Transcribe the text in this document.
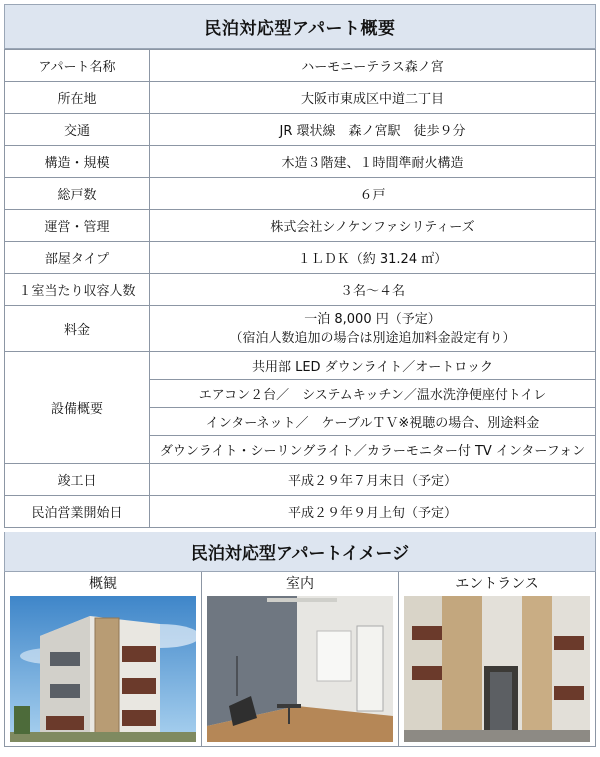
民泊対応型アパート概要
アパート名称	ハーモニーテラス森ノ宮
所在地	大阪市東成区中道二丁目
交通	JR 環状線　森ノ宮駅　徒歩９分
構造・規模	木造３階建、１時間準耐火構造
総戸数	６戸
運営・管理	株式会社シノケンファシリティーズ
部屋タイプ	１ＬＤＫ（約 31.24 ㎡）
１室当たり収容人数	３名～４名
料金	一泊 8,000 円（予定）
（宿泊人数追加の場合は別途追加料金設定有り）

設備概要	共用部 LED ダウンライト／オートロック
	エアコン２台／　システムキッチン／温水洗浄便座付トイレ
	インターネット／　ケーブルＴＶ※視聴の場合、別途料金
	ダウンライト・シーリングライト／カラーモニター付 TV インターフォン
竣工日	平成２９年７月末日（予定）
民泊営業開始日	平成２９年９月上旬（予定）
民泊対応型アパートイメージ
概観	室内	エントランス
